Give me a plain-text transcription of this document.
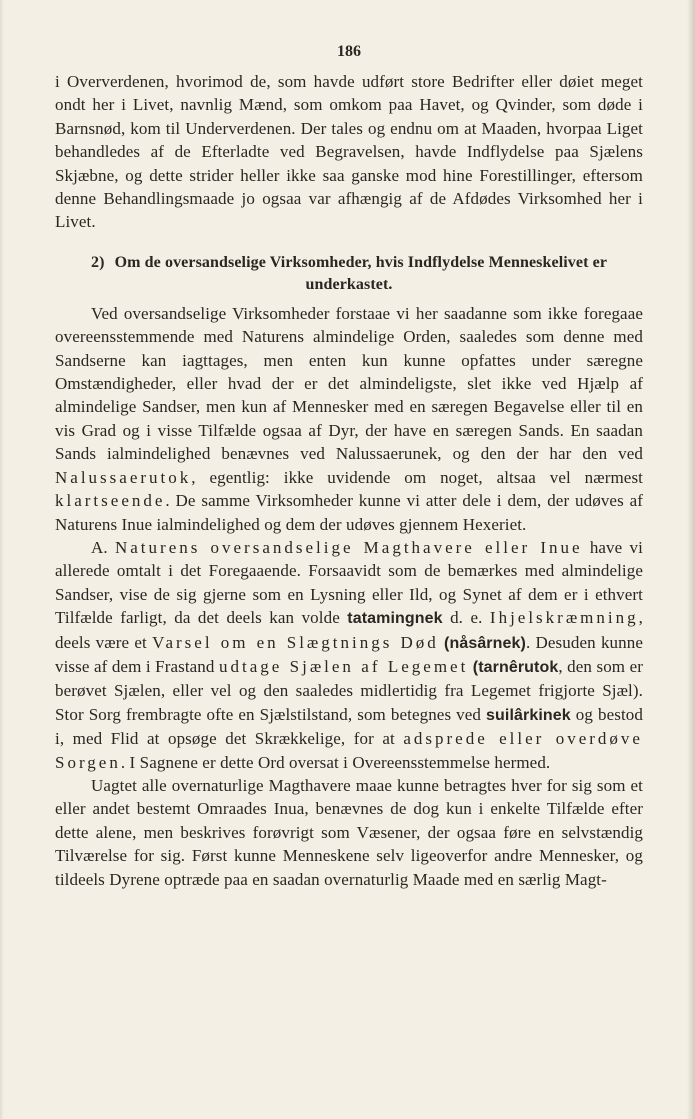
186

i Oververdenen, hvorimod de, som havde udført store Bedrifter eller døiet meget ondt her i Livet, navnlig Mænd, som omkom paa Havet, og Qvinder, som døde i Barnsnød, kom til Underverdenen. Der tales og endnu om at Maaden, hvorpaa Liget behandledes af de Efterladte ved Begravelsen, havde Indflydelse paa Sjælens Skjæbne, og dette strider heller ikke saa ganske mod hine Forestillinger, eftersom denne Behandlingsmaade jo ogsaa var afhængig af de Afdødes Virksomhed her i Livet.

2) Om de oversandselige Virksomheder, hvis Indflydelse Menneskelivet er underkastet.

Ved oversandselige Virksomheder forstaae vi her saadanne som ikke foregaae overeensstemmende med Naturens almindelige Orden, saaledes som denne med Sandserne kan iagttages, men enten kun kunne opfattes under særegne Omstændigheder, eller hvad der er det almindeligste, slet ikke ved Hjælp af almindelige Sandser, men kun af Mennesker med en særegen Begavelse eller til en vis Grad og i visse Tilfælde ogsaa af Dyr, der have en særegen Sands. En saadan Sands ialmindelighed benævnes ved Nalussaerunek, og den der har den ved Nalussaerutok, egentlig: ikke uvidende om noget, altsaa vel nærmest klartseende. De samme Virksomheder kunne vi atter dele i dem, der udøves af Naturens Inue ialmindelighed og dem der udøves gjennem Hexeriet.

A. Naturens oversandselige Magthavere eller Inue have vi allerede omtalt i det Foregaaende. Forsaavidt som de bemærkes med almindelige Sandser, vise de sig gjerne som en Lysning eller Ild, og Synet af dem er i ethvert Tilfælde farligt, da det deels kan volde tatamingnek d. e. Ihjelskræmning, deels være et Varsel om en Slægtnings Død (nåsârnek). Desuden kunne visse af dem i Frastand udtage Sjælen af Legemet (tarnêrutok, den som er berøvet Sjælen, eller vel og den saaledes midlertidig fra Legemet frigjorte Sjæl). Stor Sorg frembragte ofte en Sjælstilstand, som betegnes ved suilârkinek og bestod i, med Flid at opsøge det Skrækkelige, for at adsprede eller overdøve Sorgen. I Sagnene er dette Ord oversat i Overeensstemmelse hermed.

Uagtet alle overnaturlige Magthavere maae kunne betragtes hver for sig som et eller andet bestemt Omraades Inua, benævnes de dog kun i enkelte Tilfælde efter dette alene, men beskrives forøvrigt som Væsener, der ogsaa føre en selvstændig Tilværelse for sig. Først kunne Menneskene selv ligeoverfor andre Mennesker, og tildeels Dyrene optræde paa en saadan overnaturlig Maade med en særlig Magt-
